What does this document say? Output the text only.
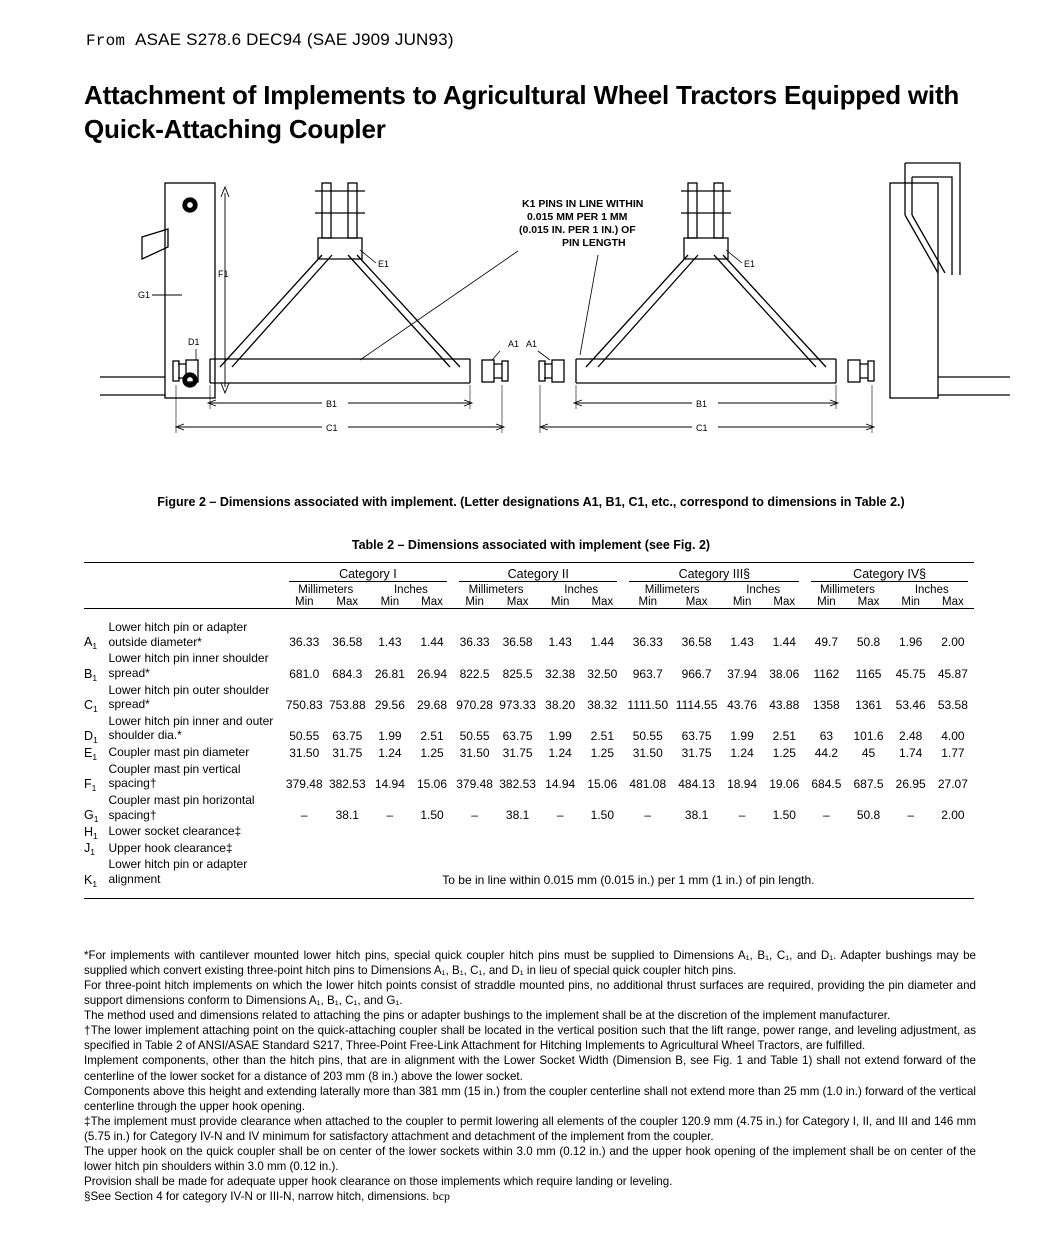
From ASAE S278.6 DEC94 (SAE J909 JUN93)
Attachment of Implements to Agricultural Wheel Tractors Equipped with Quick-Attaching Coupler
F1
G1
E1
D1	A1
B1
C1
K1 PINS IN LINE WITHIN
0.015 MM PER 1 MM
(0.015 IN. PER 1 IN.) OF
PIN LENGTH
E1
A1
B1
C1
Figure 2 – Dimensions associated with implement. (Letter designations A1, B1, C1, etc., correspond to dimensions in Table 2.)
Table 2 – Dimensions associated with implement (see Fig. 2)

		Category I				Category II				Category III§				Category IV§			

		Millimeters		Inches		Millimeters		Inches		Millimeters		Inches		Millimeters		Inches	
		Min	Max	Min	Max	Min	Max	Min	Max	Min	Max	Min	Max	Min	Max	Min	Max

$A_1$	Lower hitch pin or adapter outside diameter*	36.33	36.58	1.43	1.44	36.33	36.58	1.43	1.44	36.33	36.58	1.43	1.44	49.7	50.8	1.96	2.00
$B_1$	Lower hitch pin inner shoulder spread*	681.0	684.3	26.81	26.94	822.5	825.5	32.38	32.50	963.7	966.7	37.94	38.06	1162	1165	45.75	45.87
$C_1$	Lower hitch pin outer shoulder spread*	750.83	753.88	29.56	29.68	970.28	973.33	38.20	38.32	1111.50	1114.55	43.76	43.88	1358	1361	53.46	53.58
$D_1$	Lower hitch pin inner and outer shoulder dia.*	50.55	63.75	1.99	2.51	50.55	63.75	1.99	2.51	50.55	63.75	1.99	2.51	63	101.6	2.48	4.00
$E_1$	Coupler mast pin diameter	31.50	31.75	1.24	1.25	31.50	31.75	1.24	1.25	31.50	31.75	1.24	1.25	44.2	45	1.74	1.77
$F_1$	Coupler mast pin vertical spacing†	379.48	382.53	14.94	15.06	379.48	382.53	14.94	15.06	481.08	484.13	18.94	19.06	684.5	687.5	26.95	27.07
$G_1$	Coupler mast pin horizontal spacing†	–	38.1	–	1.50	–	38.1	–	1.50	–	38.1	–	1.50	–	50.8	–	2.00
$H_1$	Lower socket clearance‡																
$J_1$	Upper hook clearance‡																
$K_1$	Lower hitch pin or adapter alignment	To be in line within 0.015 mm (0.015 in.) per 1 mm (1 in.) of pin length.															

*For implements with cantilever mounted lower hitch pins, special quick coupler hitch pins must be supplied to Dimensions A₁, B₁, C₁, and D₁. Adapter bushings may be supplied which convert existing three-point hitch pins to Dimensions A₁, B₁, C₁, and D₁ in lieu of special quick coupler hitch pins.

For three-point hitch implements on which the lower hitch points consist of straddle mounted pins, no additional thrust surfaces are required, providing the pin diameter and support dimensions conform to Dimensions A₁, B₁, C₁, and G₁.

The method used and dimensions related to attaching the pins or adapter bushings to the implement shall be at the discretion of the implement manufacturer.

†The lower implement attaching point on the quick-attaching coupler shall be located in the vertical position such that the lift range, power range, and leveling adjustment, as specified in Table 2 of ANSI/ASAE Standard S217, Three-Point Free-Link Attachment for Hitching Implements to Agricultural Wheel Tractors, are fulfilled.

Implement components, other than the hitch pins, that are in alignment with the Lower Socket Width (Dimension B, see Fig. 1 and Table 1) shall not extend forward of the centerline of the lower socket for a distance of 203 mm (8 in.) above the lower socket.

Components above this height and extending laterally more than 381 mm (15 in.) from the coupler centerline shall not extend more than 25 mm (1.0 in.) forward of the vertical centerline through the upper hook opening.

‡The implement must provide clearance when attached to the coupler to permit lowering all elements of the coupler 120.9 mm (4.75 in.) for Category I, II, and III and 146 mm (5.75 in.) for Category IV-N and IV minimum for satisfactory attachment and detachment of the implement from the coupler.

The upper hook on the quick coupler shall be on center of the lower sockets within 3.0 mm (0.12 in.) and the upper hook opening of the implement shall be on center of the lower hitch pin shoulders within 3.0 mm (0.12 in.).

Provision shall be made for adequate upper hook clearance on those implements which require landing or leveling.

§See Section 4 for category IV-N or III-N, narrow hitch, dimensions. bcp
